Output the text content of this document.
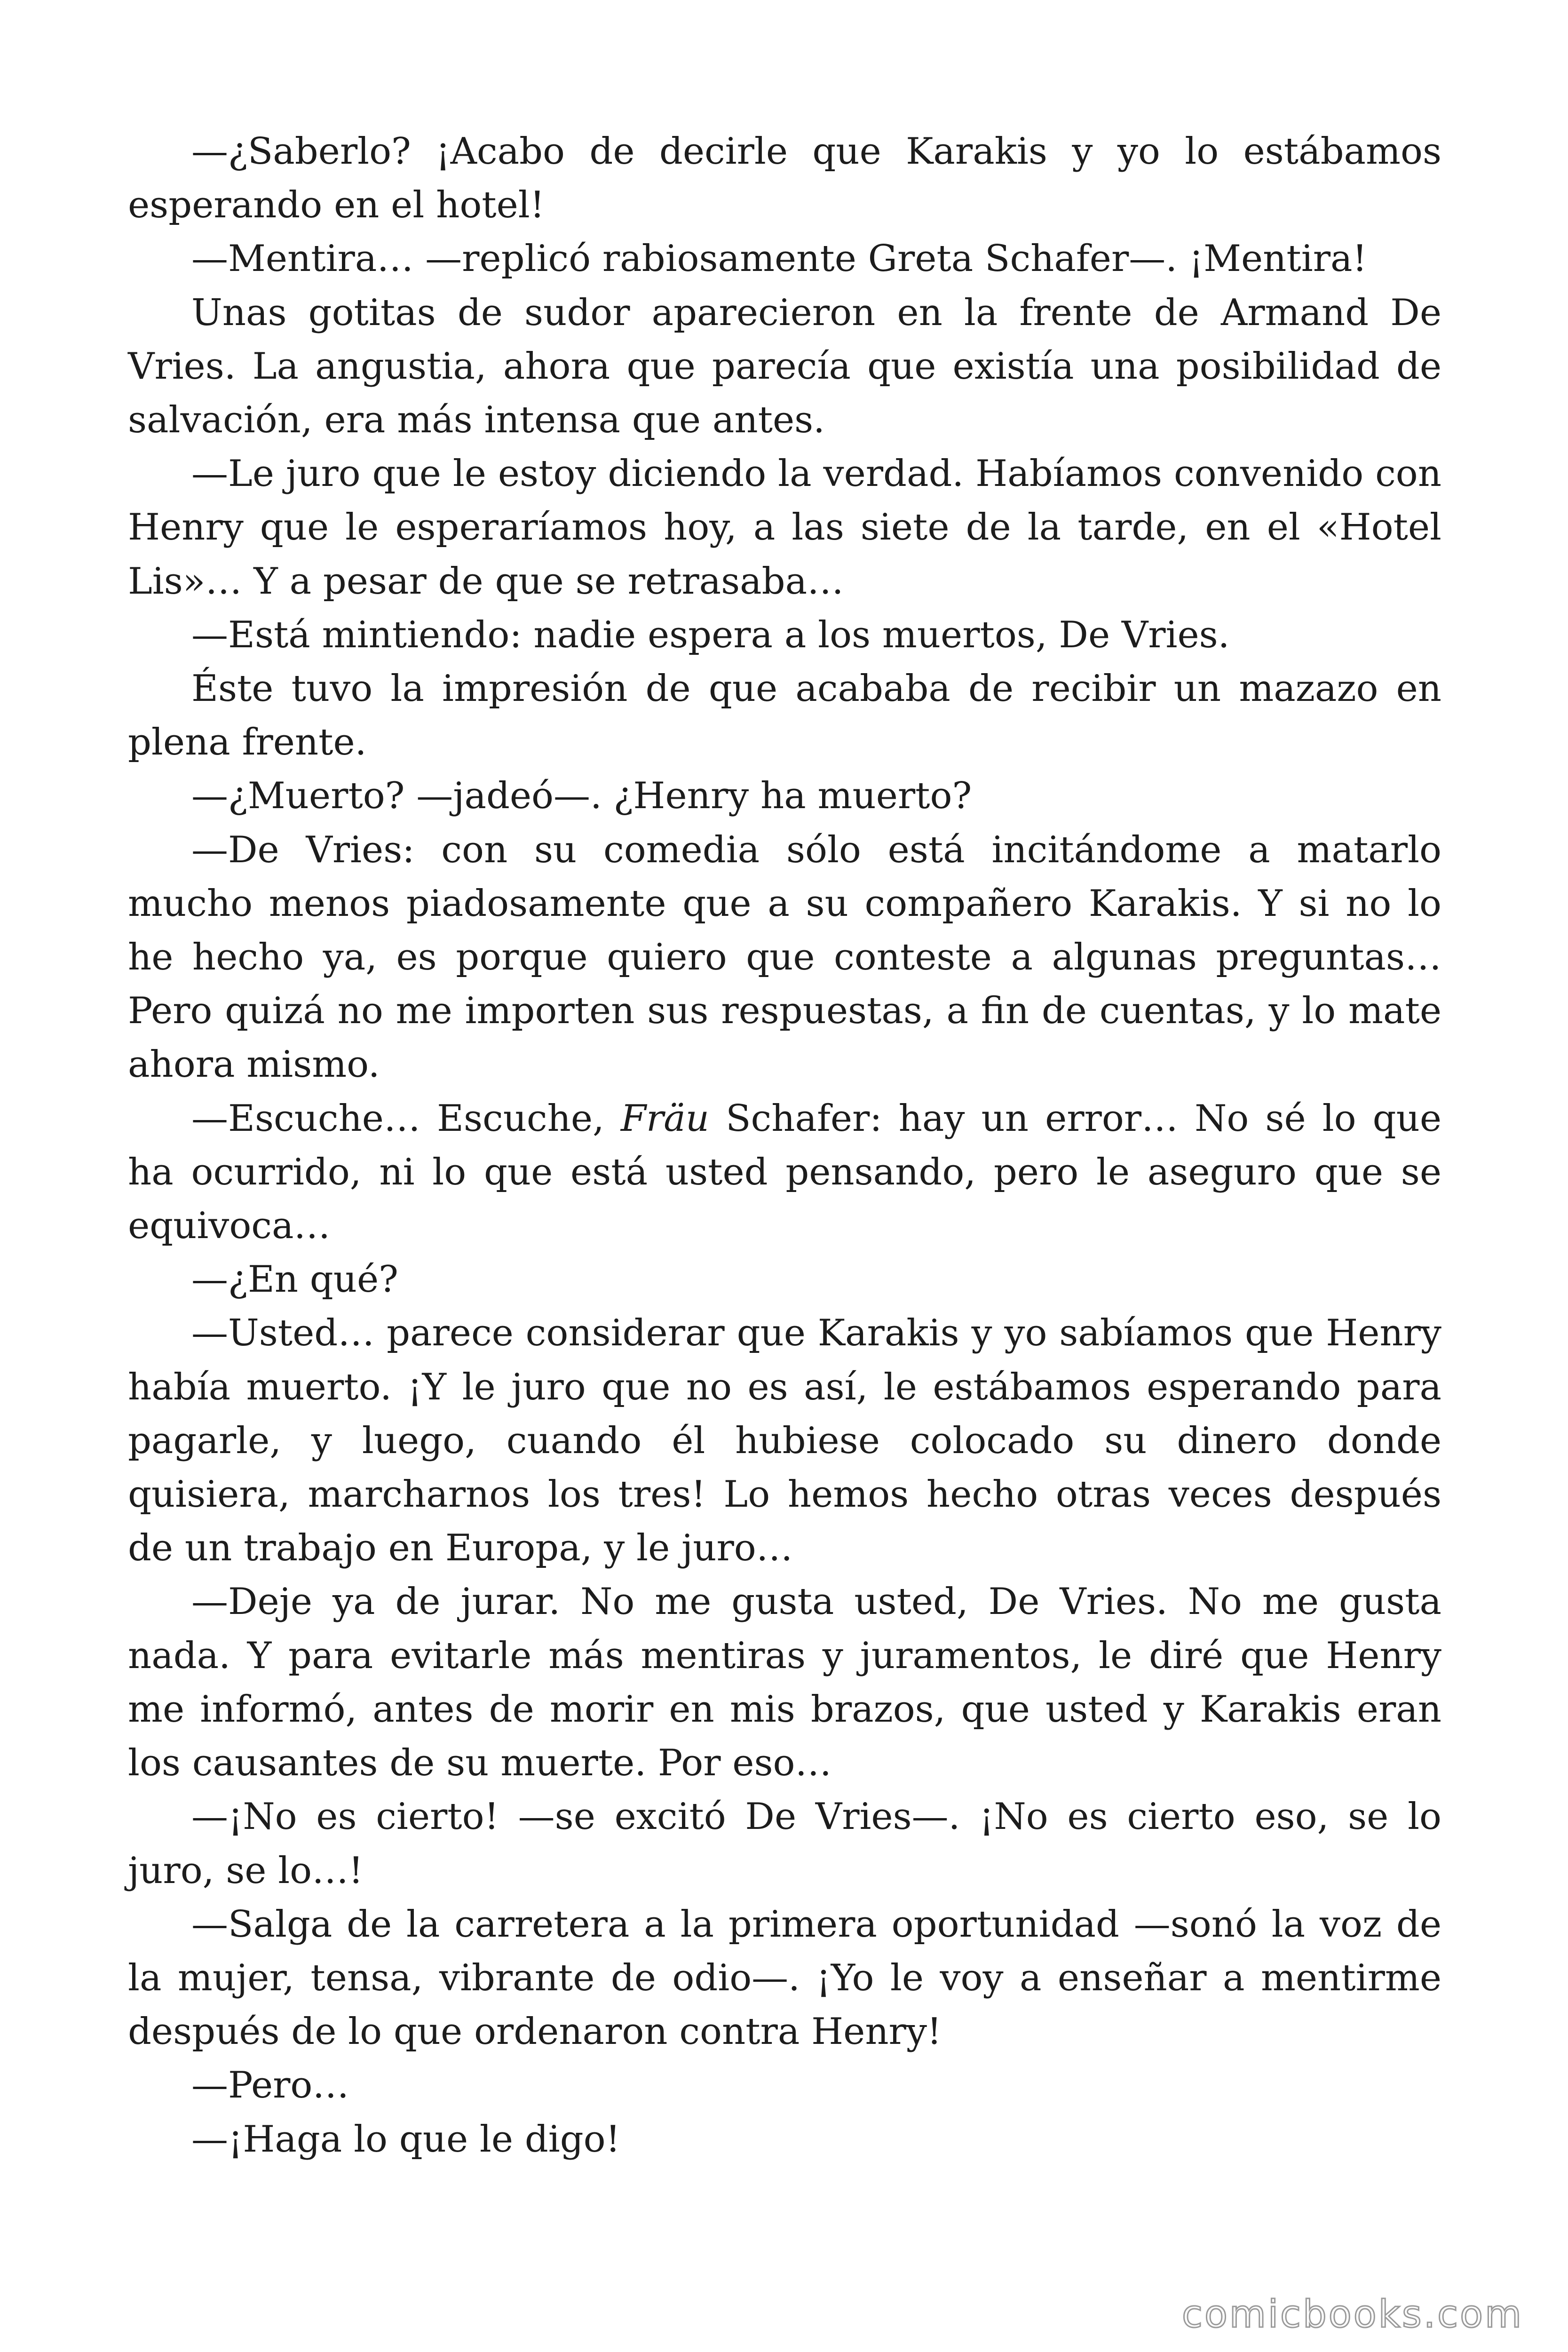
—¿Saberlo? ¡Acabo de decirle que Karakis y yo lo estábamos esperando en el hotel!

—Mentira… —replicó rabiosamente Greta Schafer—. ¡Mentira!

Unas gotitas de sudor aparecieron en la frente de Armand De Vries. La angustia, ahora que parecía que existía una posibilidad de salvación, era más intensa que antes.

—Le juro que le estoy diciendo la verdad. Habíamos convenido con Henry que le esperaríamos hoy, a las siete de la tarde, en el «Hotel Lis»… Y a pesar de que se retrasaba…

—Está mintiendo: nadie espera a los muertos, De Vries.

Éste tuvo la impresión de que acababa de recibir un mazazo en plena frente.

—¿Muerto? —jadeó—. ¿Henry ha muerto?

—De Vries: con su comedia sólo está incitándome a matarlo mucho menos piadosamente que a su compañero Karakis. Y si no lo he hecho ya, es porque quiero que conteste a algunas preguntas… Pero quizá no me importen sus respuestas, a fin de cuentas, y lo mate ahora mismo.

—Escuche… Escuche, Fräu Schafer: hay un error… No sé lo que ha ocurrido, ni lo que está usted pensando, pero le aseguro que se equivoca…

—¿En qué?

—Usted… parece considerar que Karakis y yo sabíamos que Henry había muerto. ¡Y le juro que no es así, le estábamos esperando para pagarle, y luego, cuando él hubiese colocado su dinero donde quisiera, marcharnos los tres! Lo hemos hecho otras veces después de un trabajo en Europa, y le juro…

—Deje ya de jurar. No me gusta usted, De Vries. No me gusta nada. Y para evitarle más mentiras y juramentos, le diré que Henry me informó, antes de morir en mis brazos, que usted y Karakis eran los causantes de su muerte. Por eso…

—¡No es cierto! —se excitó De Vries—. ¡No es cierto eso, se lo juro, se lo…!

—Salga de la carretera a la primera oportunidad —sonó la voz de la mujer, tensa, vibrante de odio—. ¡Yo le voy a enseñar a mentirme después de lo que ordenaron contra Henry!

—Pero…

—¡Haga lo que le digo!

comicbooks.com
